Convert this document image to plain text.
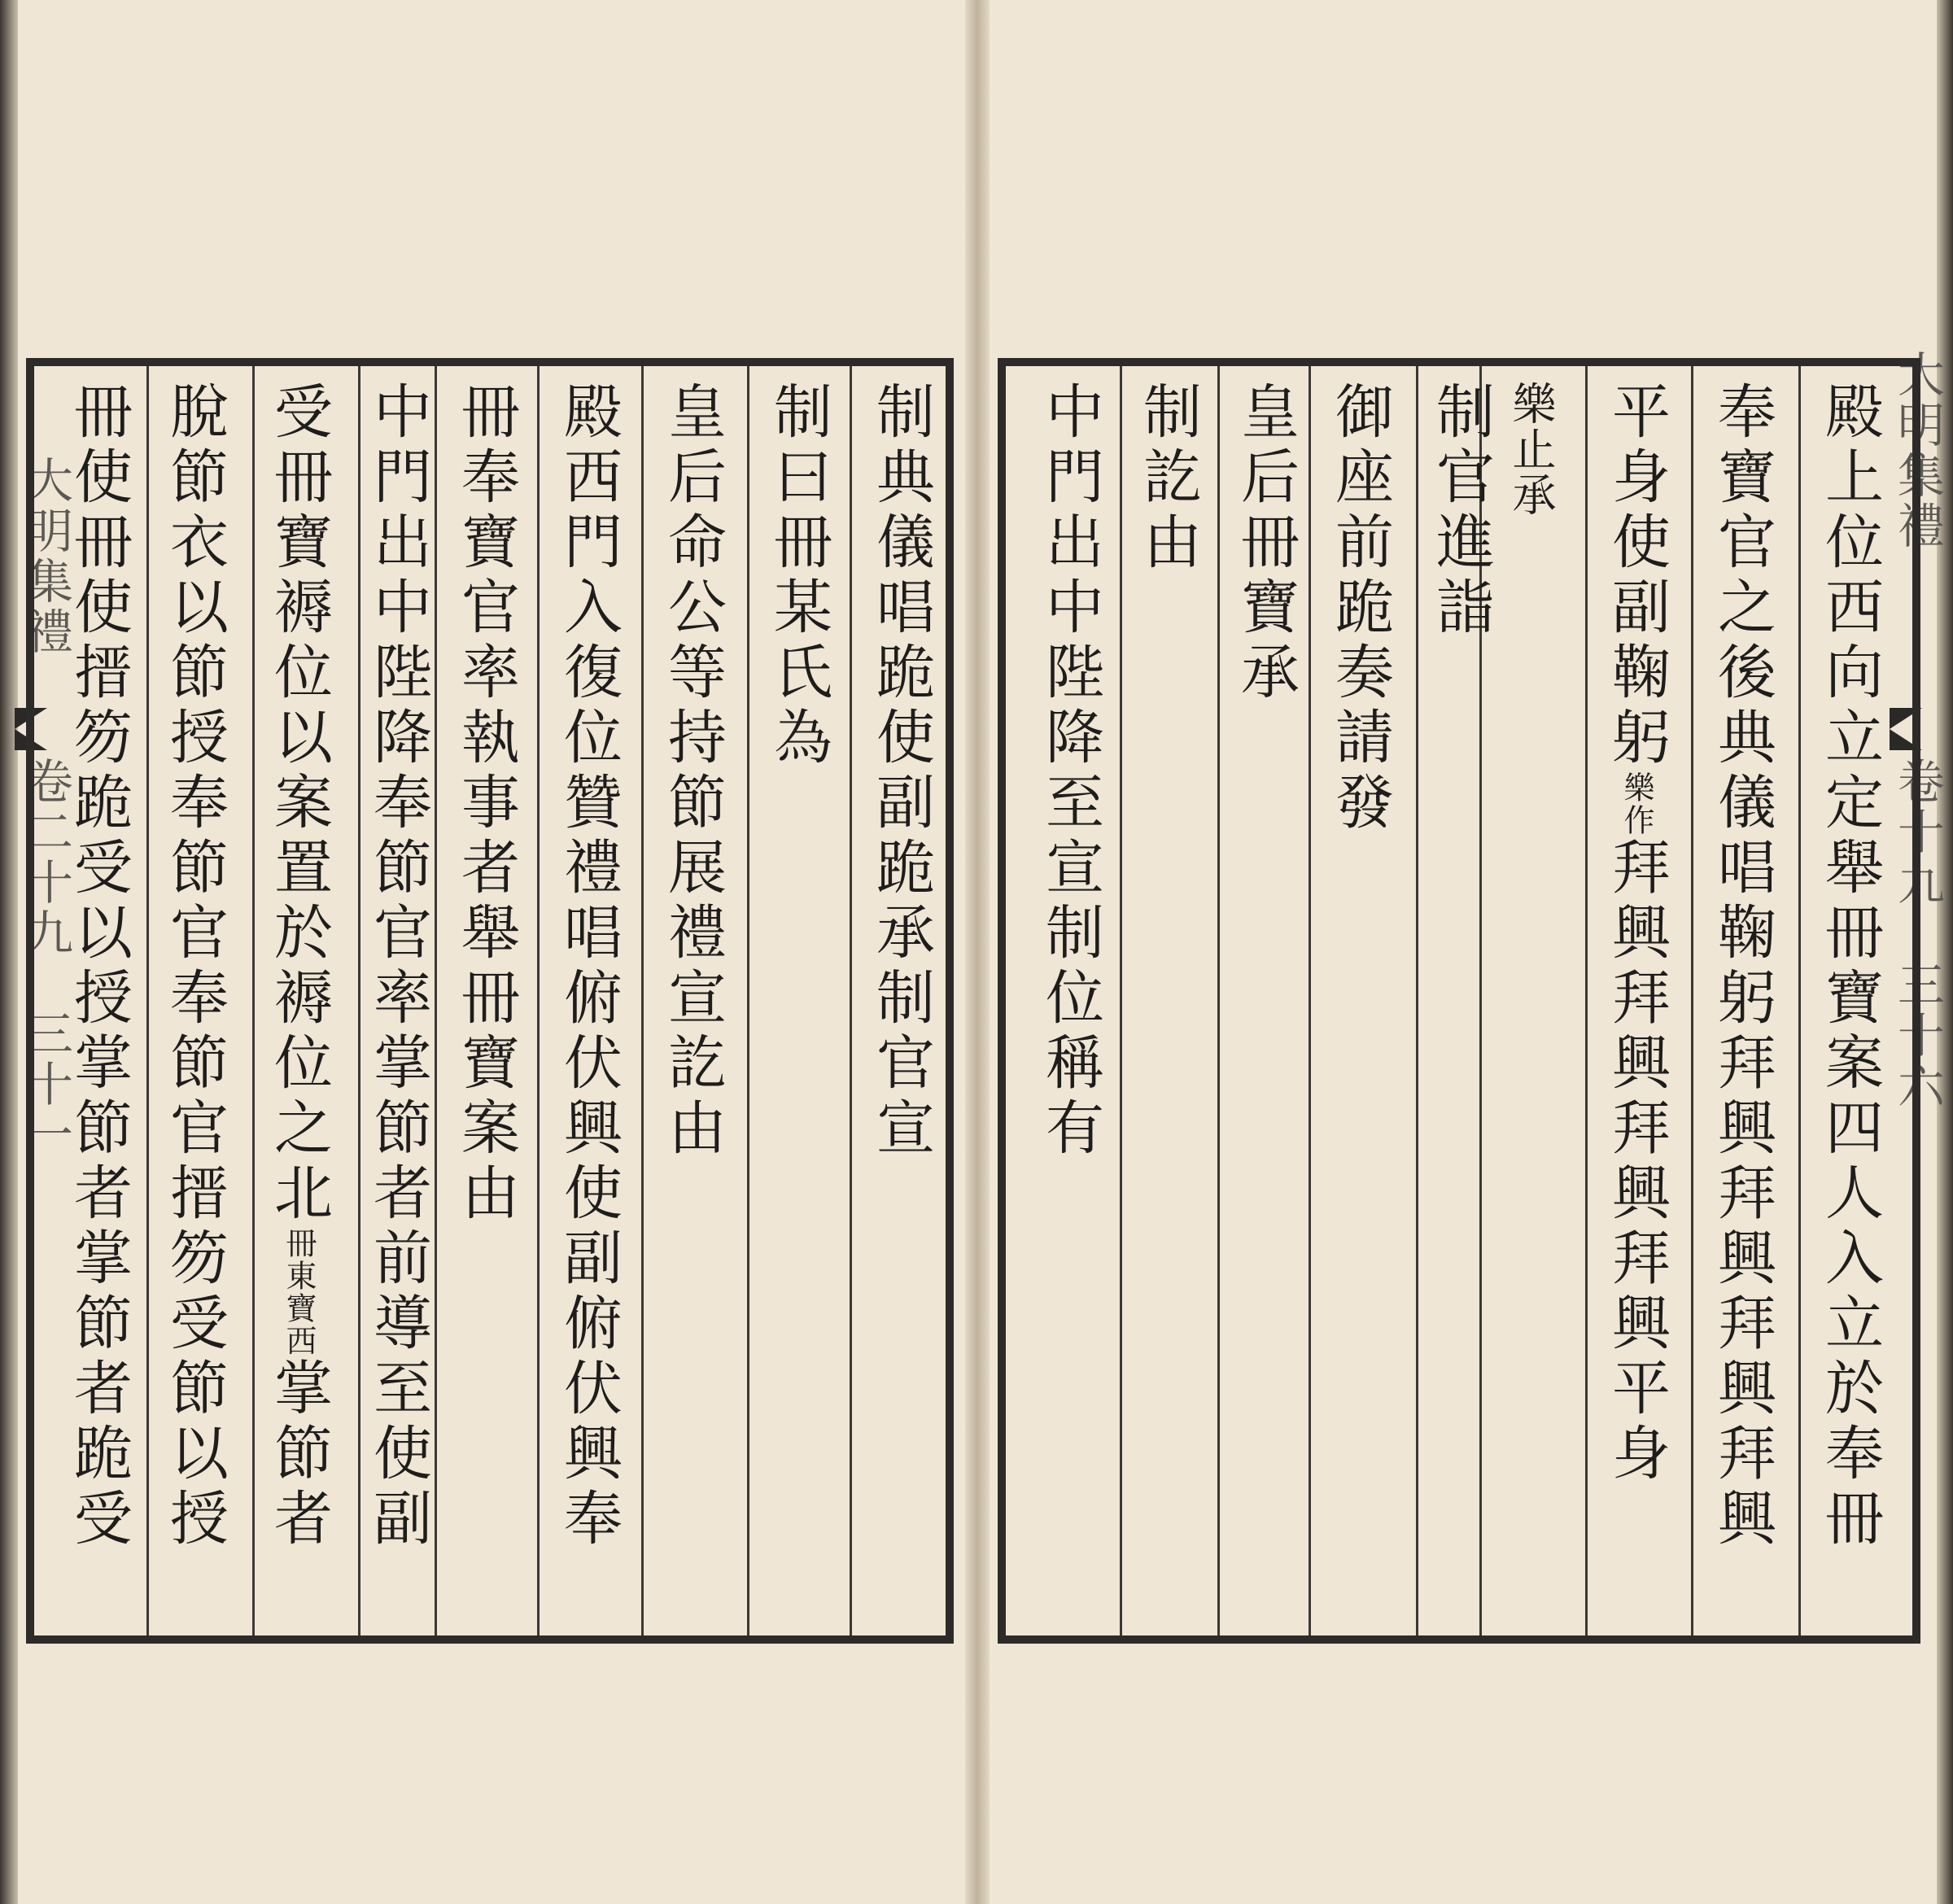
大明集禮
卷二十九
三十一
大明集禮
卷十九
三十六
制典儀唱跪使副跪承制官宣
制曰冊某氏為
皇后命公等持節展禮宣訖由
殿西門入復位贊禮唱俯伏興使副俯伏興奉
冊奉寶官率執事者舉冊寶案由
中門出中陛降奉節官率掌節者前導至使副
受冊寶褥位以案置於褥位之北冊東寶西掌節者
脫節衣以節授奉節官奉節官搢笏受節以授
冊使冊使搢笏跪受以授掌節者掌節者跪受	殿上位西向立定舉冊寶案四人入立於奉冊
奉寶官之後典儀唱鞠躬拜興拜興拜興拜興
平身使副鞠躬樂作拜興拜興拜興拜興平身
樂止承
制官進詣
御座前跪奏請發
皇后冊寶承
制訖由
中門出中陛降至宣制位稱有
